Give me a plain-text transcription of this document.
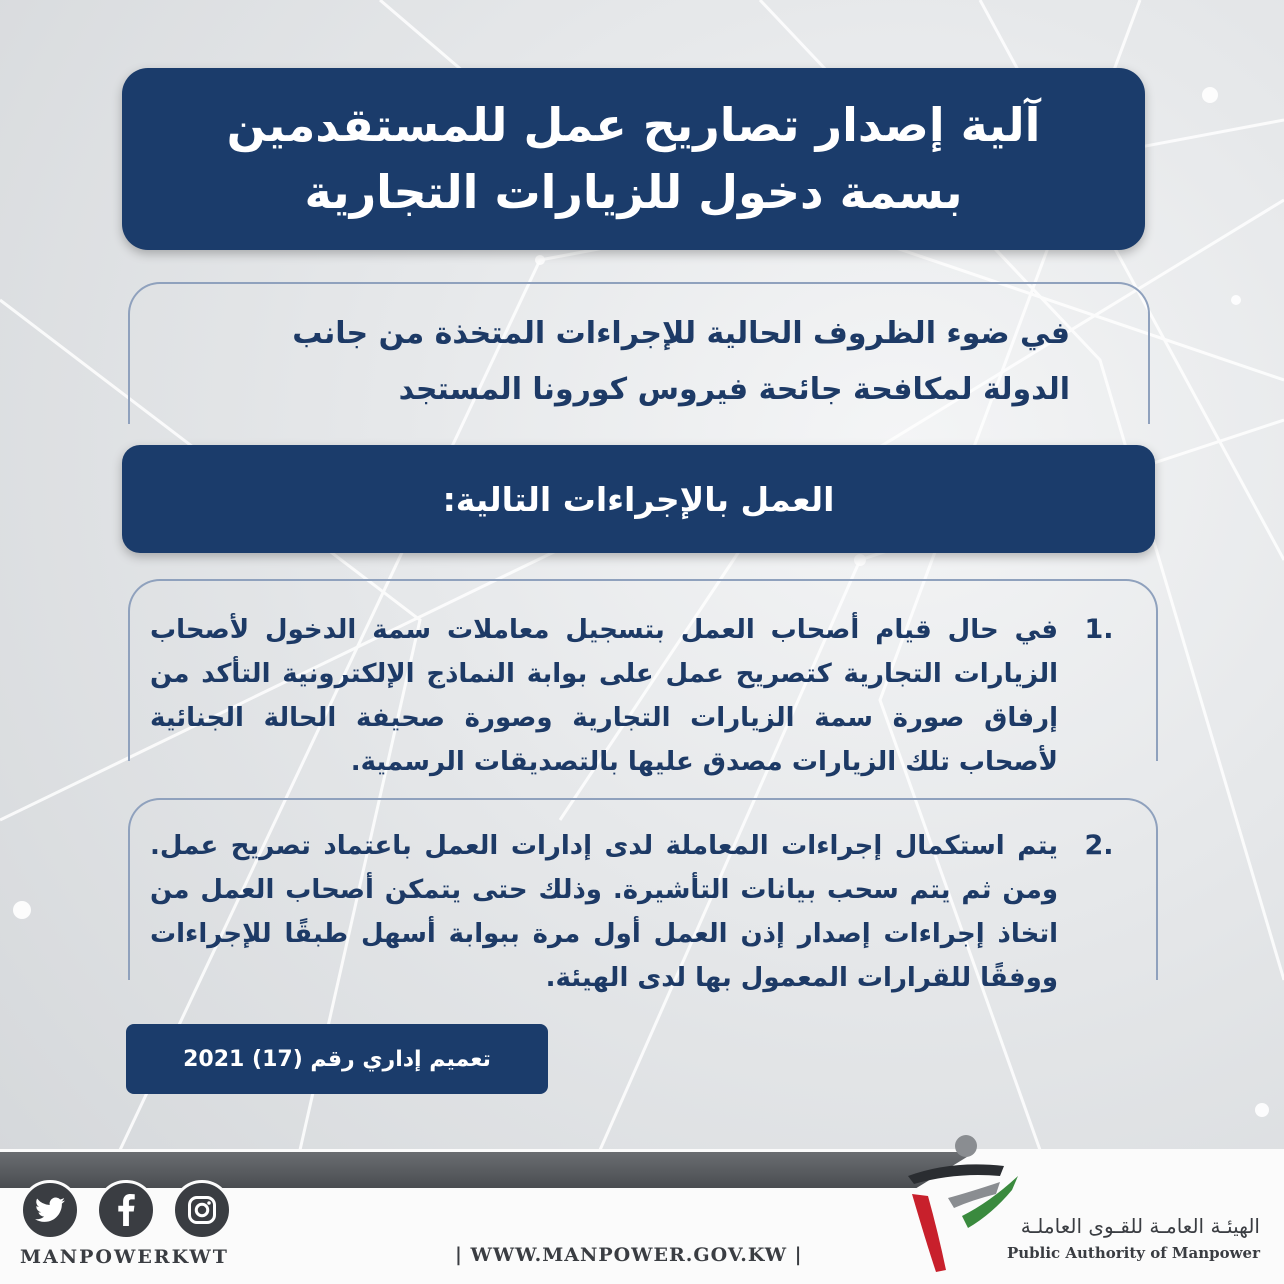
آلية إصدار تصاريح عمل للمستقدمين
بسمة دخول للزيارات التجارية
في ضوء الظروف الحالية للإجراءات المتخذة من جانب
الدولة لمكافحة جائحة فيروس كورونا المستجد
العمل بالإجراءات التالية:
1.
في حال قيام أصحاب العمل بتسجيل معاملات سمة الدخول لأصحاب الزيارات التجارية كتصريح عمل على بوابة النماذج الإلكترونية التأكد من إرفاق صورة سمة الزيارات التجارية وصورة صحيفة الحالة الجنائية لأصحاب تلك الزيارات مصدق عليها بالتصديقات الرسمية.
2.
يتم استكمال إجراءات المعاملة لدى إدارات العمل باعتماد تصريح عمل. ومن ثم يتم سحب بيانات التأشيرة. وذلك حتى يتمكن أصحاب العمل من اتخاذ إجراءات إصدار إذن العمل أول مرة ببوابة أسهل طبقًا للإجراءات ووفقًا للقرارات المعمول بها لدى الهيئة.
تعميم إداري رقم (17) 2021
MANPOWERKWT	| WWW.MANPOWER.GOV.KW |
الهيئـة العامـة للقـوى العاملـة
Public Authority of Manpower
